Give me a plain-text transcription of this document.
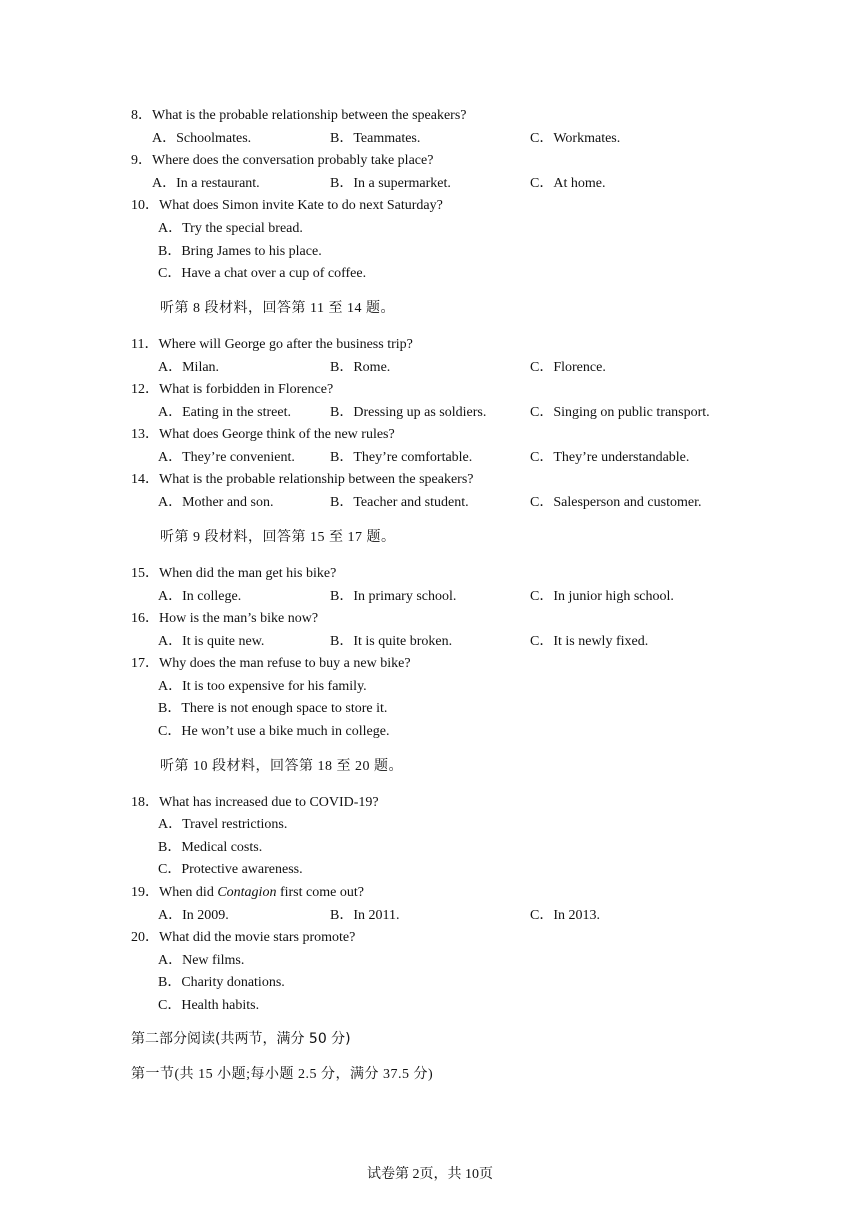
8．What is the probable relationship between the speakers?
A．Schoolmates.	B．Teammates.	C．Workmates.
9．Where does the conversation probably take place?
A．In a restaurant.	B．In a supermarket.	C．At home.
10．What does Simon invite Kate to do next Saturday?
A．Try the special bread.
B．Bring James to his place.
C．Have a chat over a cup of coffee.
听第 8 段材料，回答第 11 至 14 题。
11．Where will George go after the business trip?
A．Milan.	B．Rome.	C．Florence.
12．What is forbidden in Florence?
A．Eating in the street.	B．Dressing up as soldiers.	C．Singing on public transport.
13．What does George think of the new rules?
A．They’re convenient.	B．They’re comfortable.	C．They’re understandable.
14．What is the probable relationship between the speakers?
A．Mother and son.	B．Teacher and student.	C．Salesperson and customer.
听第 9 段材料，回答第 15 至 17 题。
15．When did the man get his bike?
A．In college.	B．In primary school.	C．In junior high school.
16．How is the man’s bike now?
A．It is quite new.	B．It is quite broken.	C．It is newly fixed.
17．Why does the man refuse to buy a new bike?
A．It is too expensive for his family.
B．There is not enough space to store it.
C．He won’t use a bike much in college.
听第 10 段材料，回答第 18 至 20 题。
18．What has increased due to COVID-19?
A．Travel restrictions.
B．Medical costs.
C．Protective awareness.
19．When did Contagion first come out?
A．In 2009.	B．In 2011.	C．In 2013.
20．What did the movie stars promote?
A．New films.
B．Charity donations.
C．Health habits.
第二部分阅读(共两节，满分 50 分)
第一节(共 15 小题;每小题 2.5 分，满分 37.5 分)
试卷第 2页，共 10页
